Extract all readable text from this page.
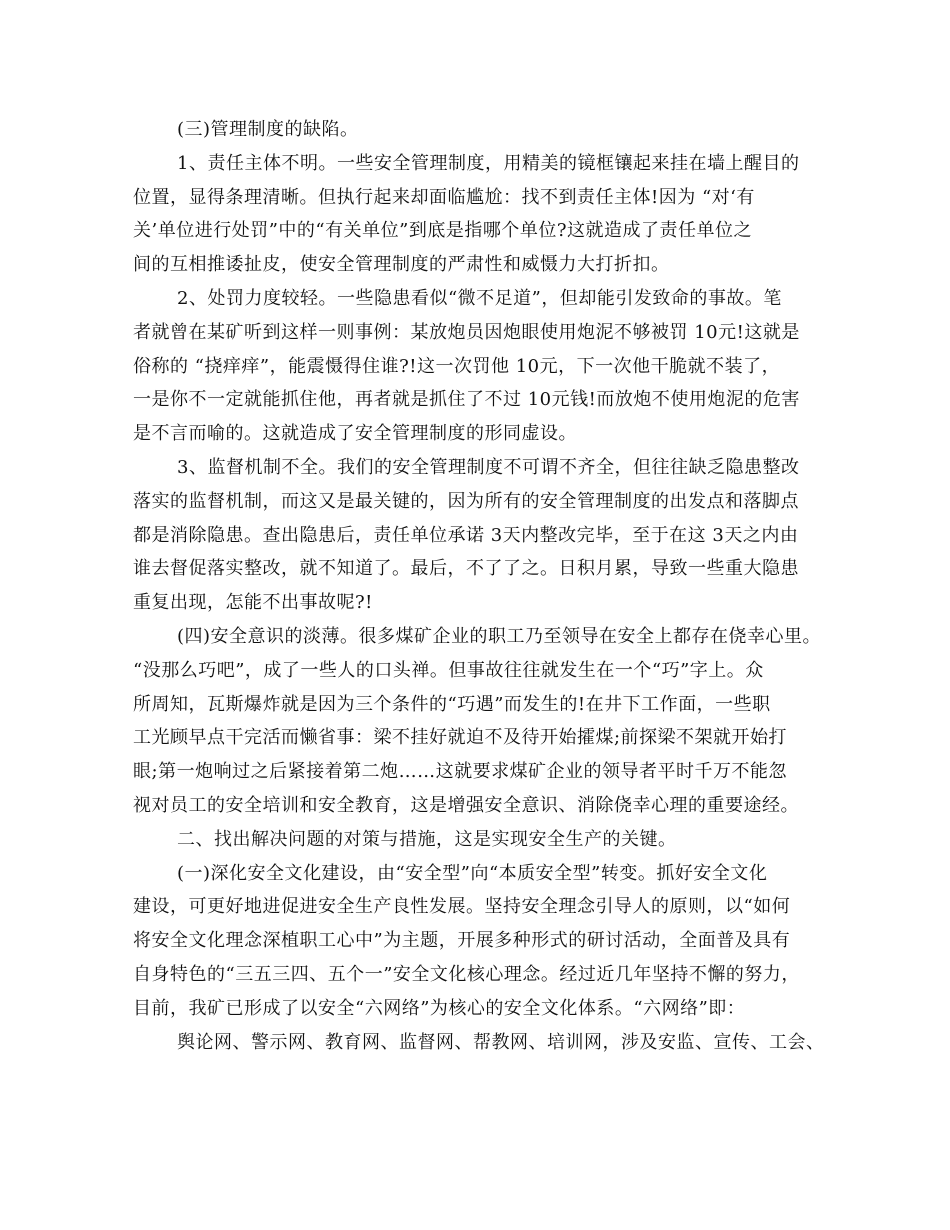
(三)管理制度的缺陷。
1、责任主体不明。一些安全管理制度，用精美的镜框镶起来挂在墙上醒目的
位置，显得条理清晰。但执行起来却面临尴尬：找不到责任主体!因为 “对‘有
关’单位进行处罚”中的“有关单位”到底是指哪个单位?这就造成了责任单位之
间的互相推诿扯皮，使安全管理制度的严肃性和威慑力大打折扣。
2、处罚力度较轻。一些隐患看似“微不足道”，但却能引发致命的事故。笔
者就曾在某矿听到这样一则事例：某放炮员因炮眼使用炮泥不够被罚 10元!这就是
俗称的 “挠痒痒”，能震慑得住谁?!这一次罚他 10元，下一次他干脆就不装了，
一是你不一定就能抓住他，再者就是抓住了不过 10元钱!而放炮不使用炮泥的危害
是不言而喻的。这就造成了安全管理制度的形同虚设。
3、监督机制不全。我们的安全管理制度不可谓不齐全，但往往缺乏隐患整改
落实的监督机制，而这又是最关键的，因为所有的安全管理制度的出发点和落脚点
都是消除隐患。查出隐患后，责任单位承诺 3天内整改完毕，至于在这 3天之内由
谁去督促落实整改，就不知道了。最后，不了了之。日积月累，导致一些重大隐患
重复出现，怎能不出事故呢?!
(四)安全意识的淡薄。很多煤矿企业的职工乃至领导在安全上都存在侥幸心里。
“没那么巧吧”，成了一些人的口头禅。但事故往往就发生在一个“巧”字上。众
所周知，瓦斯爆炸就是因为三个条件的“巧遇”而发生的!在井下工作面，一些职
工光顾早点干完活而懒省事：梁不挂好就迫不及待开始攉煤;前探梁不架就开始打
眼;第一炮响过之后紧接着第二炮……这就要求煤矿企业的领导者平时千万不能忽
视对员工的安全培训和安全教育，这是增强安全意识、消除侥幸心理的重要途经。
二、找出解决问题的对策与措施，这是实现安全生产的关键。
(一)深化安全文化建设，由“安全型”向“本质安全型”转变。抓好安全文化
建设，可更好地进促进安全生产良性发展。坚持安全理念引导人的原则，以“如何
将安全文化理念深植职工心中”为主题，开展多种形式的研讨活动，全面普及具有
自身特色的“三五三四、五个一”安全文化核心理念。经过近几年坚持不懈的努力，
目前，我矿已形成了以安全“六网络”为核心的安全文化体系。“六网络”即：
舆论网、警示网、教育网、监督网、帮教网、培训网，涉及安监、宣传、工会、
